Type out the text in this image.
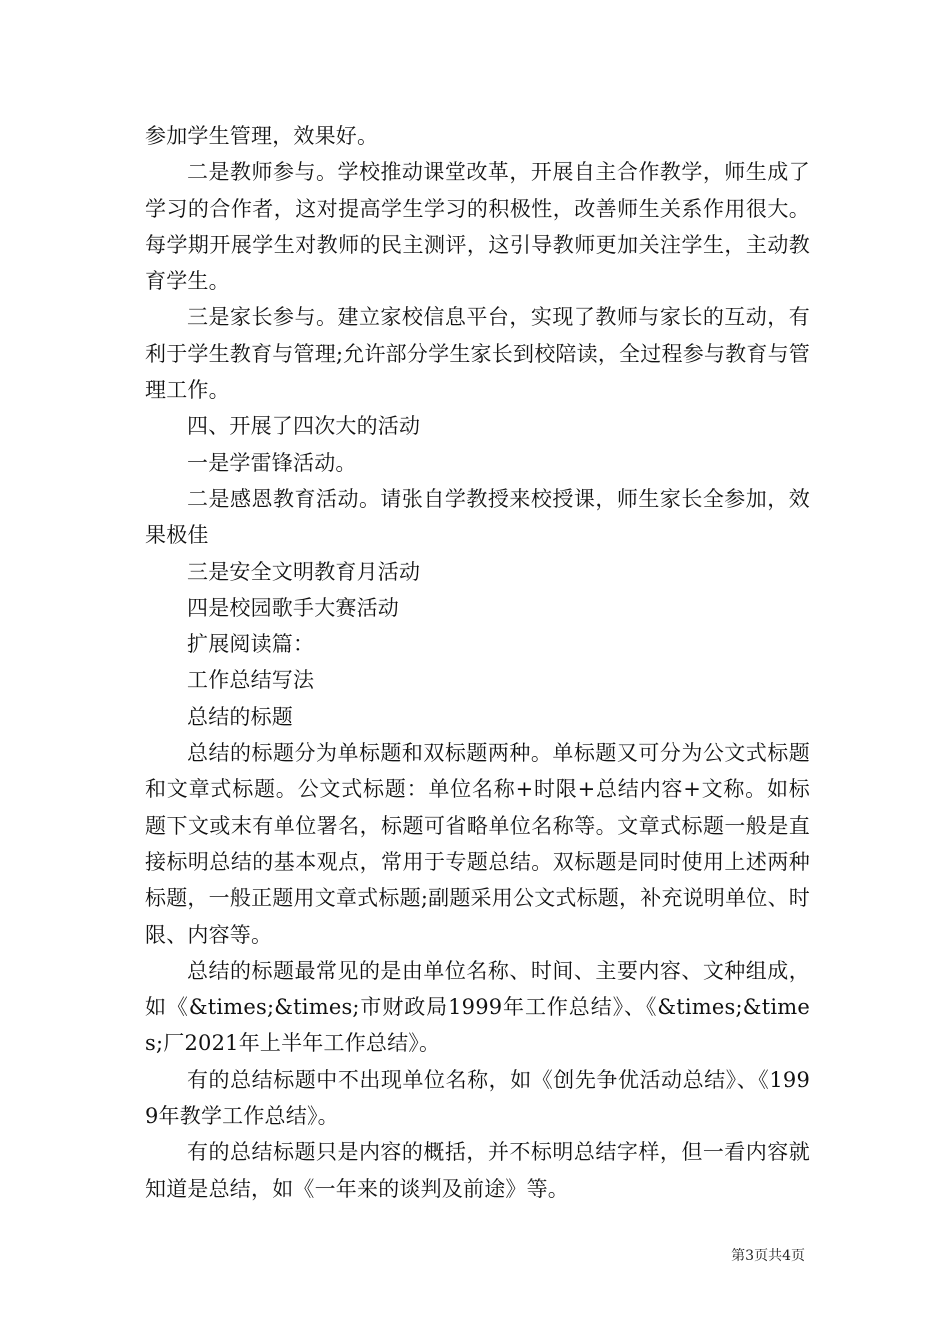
参加学生管理，效果好。

二是教师参与。学校推动课堂改革，开展自主合作教学，师生成了学习的合作者，这对提高学生学习的积极性，改善师生关系作用很大。每学期开展学生对教师的民主测评，这引导教师更加关注学生，主动教育学生。

三是家长参与。建立家校信息平台，实现了教师与家长的互动，有利于学生教育与管理;允许部分学生家长到校陪读，全过程参与教育与管理工作。

四、开展了四次大的活动

一是学雷锋活动。

二是感恩教育活动。请张自学教授来校授课，师生家长全参加，效果极佳

三是安全文明教育月活动

四是校园歌手大赛活动

扩展阅读篇：

工作总结写法

总结的标题

总结的标题分为单标题和双标题两种。单标题又可分为公文式标题和文章式标题。公文式标题：单位名称+时限+总结内容+文称。如标题下文或末有单位署名，标题可省略单位名称等。文章式标题一般是直接标明总结的基本观点，常用于专题总结。双标题是同时使用上述两种标题，一般正题用文章式标题;副题采用公文式标题，补充说明单位、时限、内容等。

总结的标题最常见的是由单位名称、时间、主要内容、文种组成，如《&times;&times;市财政局1999年工作总结》、《&times;&times;厂2021年上半年工作总结》。

有的总结标题中不出现单位名称，如《创先争优活动总结》、《1999年教学工作总结》。

有的总结标题只是内容的概括，并不标明总结字样，但一看内容就知道是总结，如《一年来的谈判及前途》等。

第3页共4页
